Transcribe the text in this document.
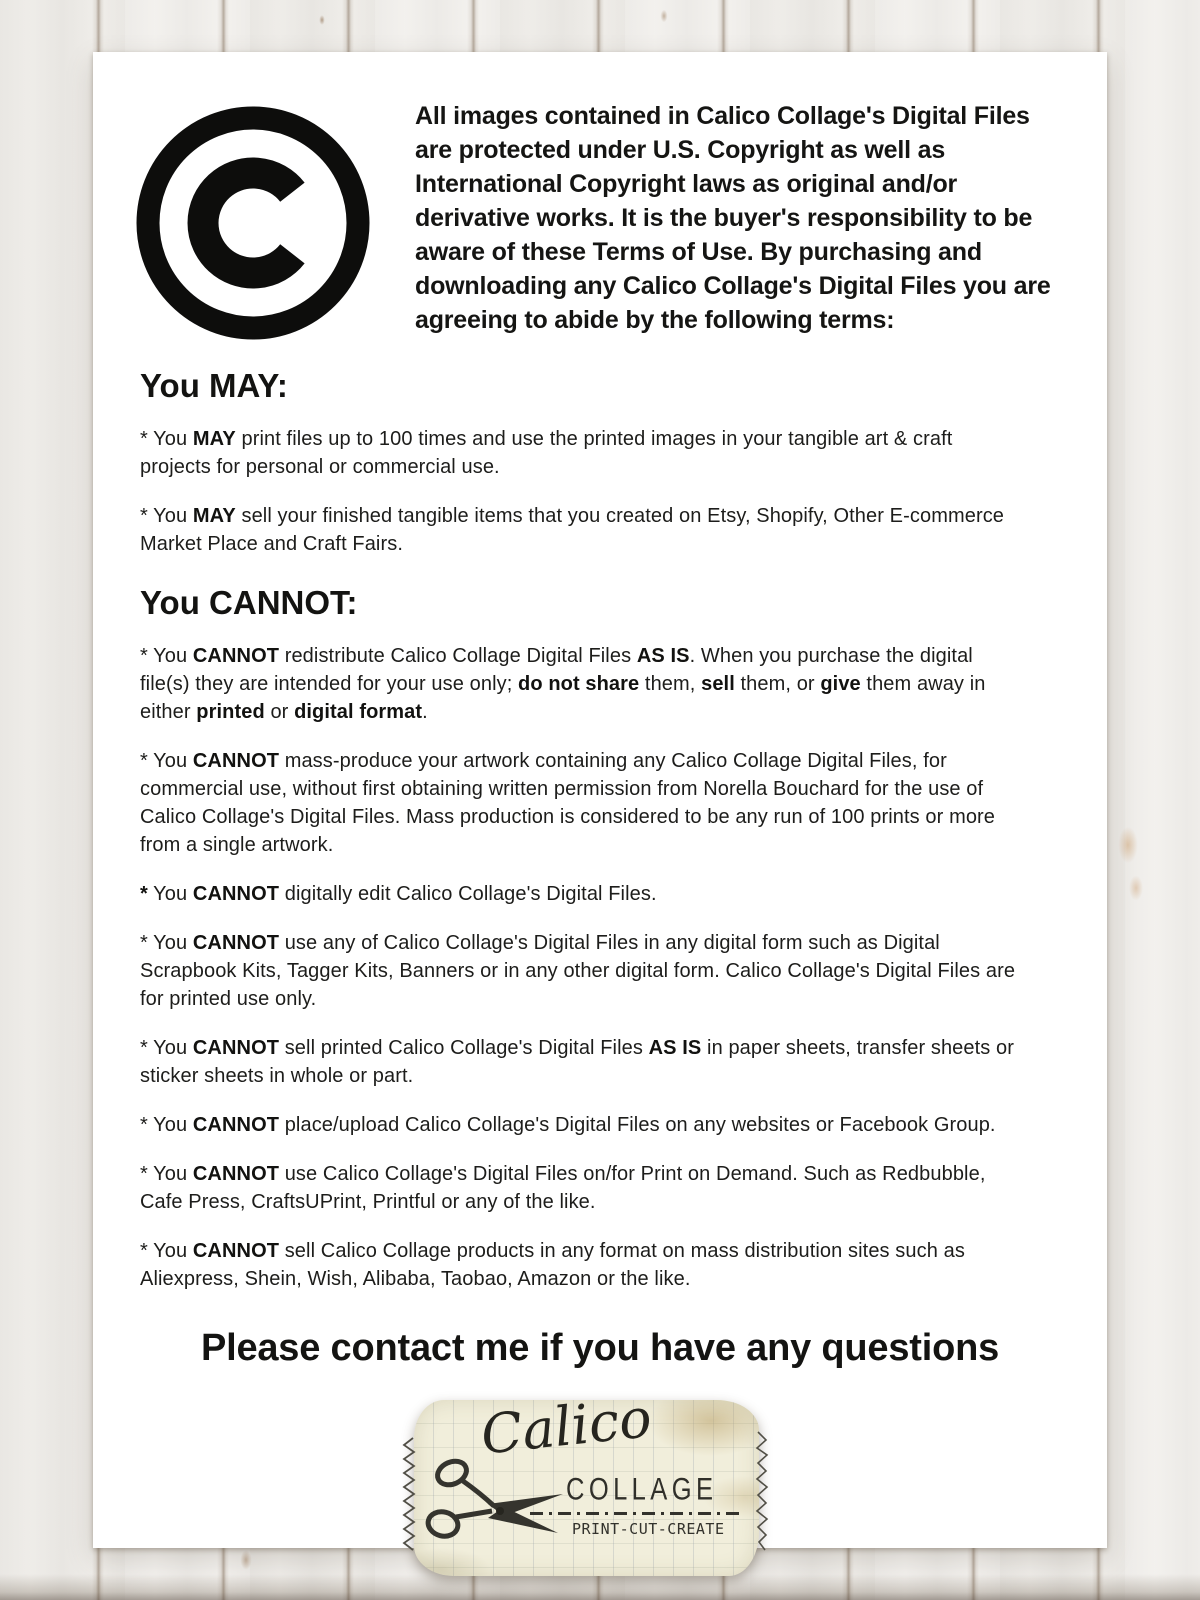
All images contained in Calico Collage's Digital Files are protected under U.S. Copyright as well as International Copyright laws as original and/or derivative works. It is the buyer's responsibility to be aware of these Terms of Use. By purchasing and downloading any Calico Collage's Digital Files you are agreeing to abide by the following terms:

You MAY:

* You MAY print files up to 100 times and use the printed images in your tangible art & craft projects for personal or commercial use.

* You MAY sell your finished tangible items that you created on Etsy, Shopify, Other E-commerce Market Place and Craft Fairs.

You CANNOT:

* You CANNOT redistribute Calico Collage Digital Files AS IS. When you purchase the digital file(s) they are intended for your use only; do not share them, sell them, or give them away in either printed or digital format.

* You CANNOT mass-produce your artwork containing any Calico Collage Digital Files, for commercial use, without first obtaining written permission from Norella Bouchard for the use of Calico Collage's Digital Files. Mass production is considered to be any run of 100 prints or more from a single artwork.

* You CANNOT digitally edit Calico Collage's Digital Files.

* You CANNOT use any of Calico Collage's Digital Files in any digital form such as Digital Scrapbook Kits, Tagger Kits, Banners or in any other digital form. Calico Collage's Digital Files are for printed use only.

* You CANNOT sell printed Calico Collage's Digital Files AS IS in paper sheets, transfer sheets or sticker sheets in whole or part.

* You CANNOT place/upload Calico Collage's Digital Files on any websites or Facebook Group.

* You CANNOT use Calico Collage's Digital Files on/for Print on Demand. Such as Redbubble, Cafe Press, CraftsUPrint, Printful or any of the like.

* You CANNOT sell Calico Collage products in any format on mass distribution sites such as Aliexpress, Shein, Wish, Alibaba, Taobao, Amazon or the like.

Please contact me if you have any questions
Calico
COLLAGE
PRINT-CUT-CREATE
